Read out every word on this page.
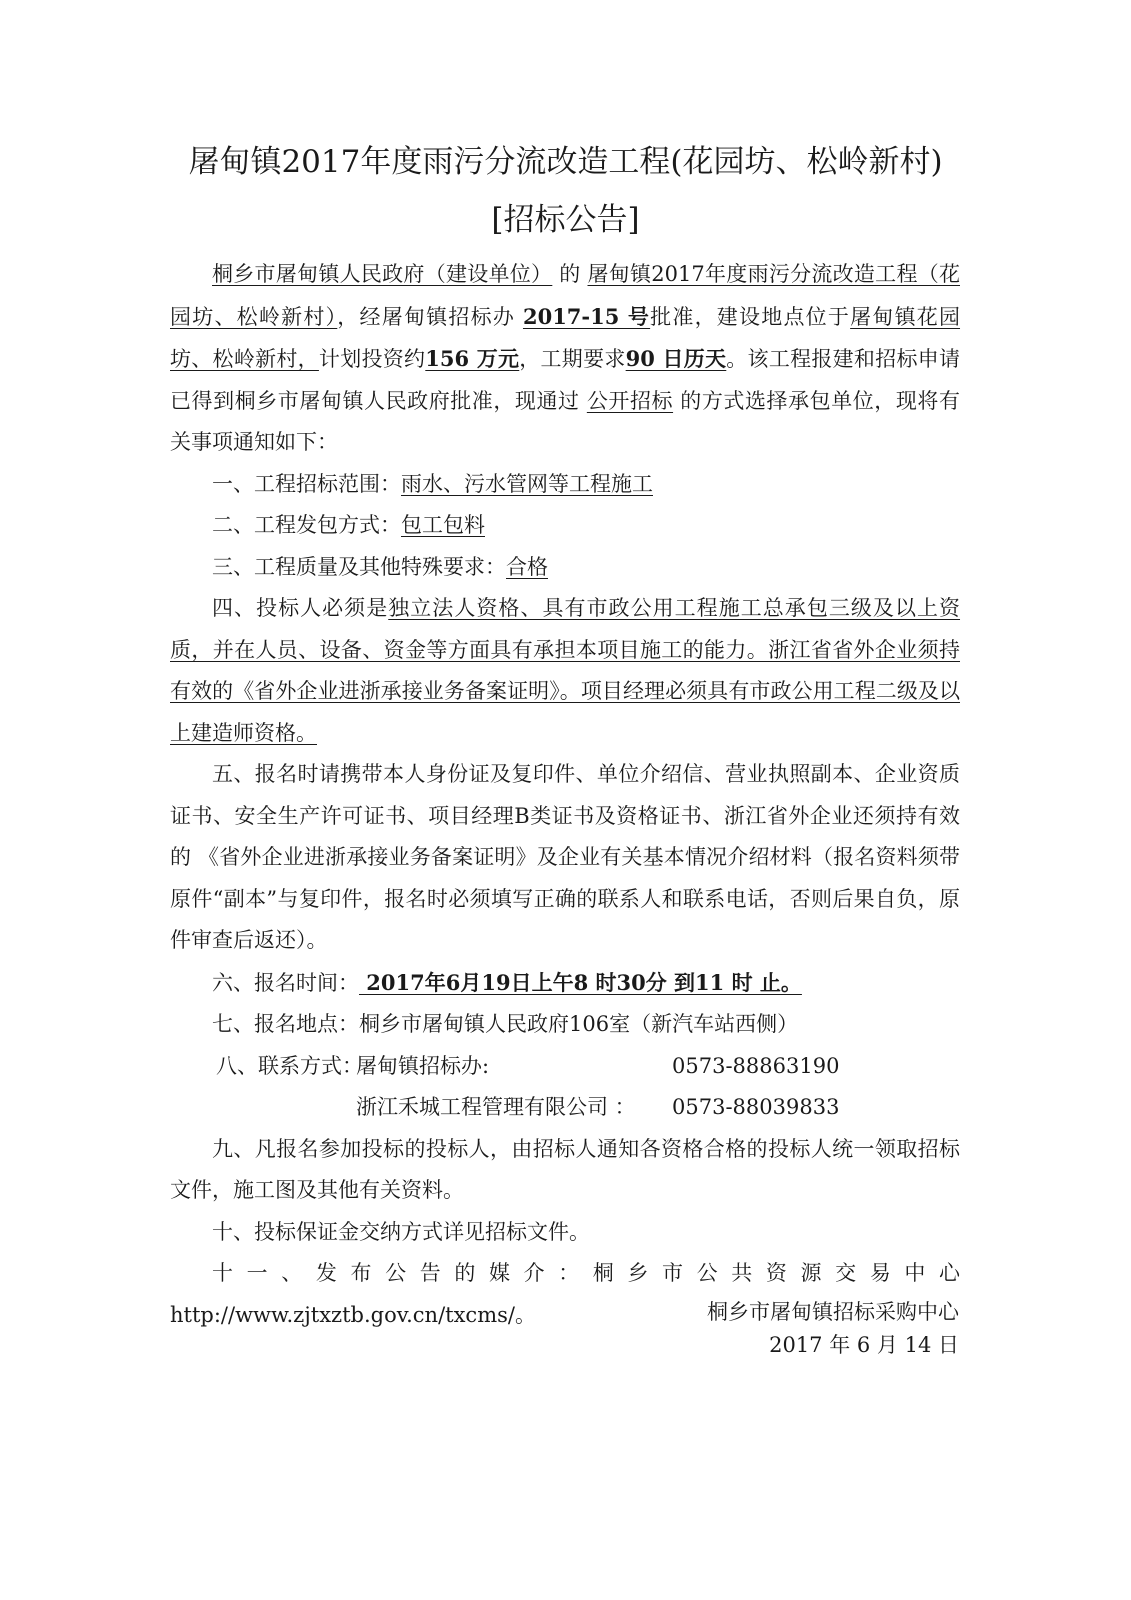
屠甸镇2017年度雨污分流改造工程(花园坊、松岭新村)
[招标公告]

桐乡市屠甸镇人民政府（建设单位） 的 屠甸镇2017年度雨污分流改造工程（花园坊、松岭新村），经屠甸镇招标办 2017-15 号批准，建设地点位于屠甸镇花园坊、松岭新村，计划投资约156 万元，工期要求90 日历天。该工程报建和招标申请已得到桐乡市屠甸镇人民政府批准，现通过 公开招标 的方式选择承包单位，现将有关事项通知如下：

一、工程招标范围：雨水、污水管网等工程施工

二、工程发包方式：包工包料

三、工程质量及其他特殊要求：合格

四、投标人必须是独立法人资格、具有市政公用工程施工总承包三级及以上资质，并在人员、设备、资金等方面具有承担本项目施工的能力。浙江省省外企业须持有效的《省外企业进浙承接业务备案证明》。项目经理必须具有市政公用工程二级及以上建造师资格。

五、报名时请携带本人身份证及复印件、单位介绍信、营业执照副本、企业资质证书、安全生产许可证书、项目经理B类证书及资格证书、浙江省外企业还须持有效的 《省外企业进浙承接业务备案证明》及企业有关基本情况介绍材料（报名资料须带原件“副本”与复印件，报名时必须填写正确的联系人和联系电话，否则后果自负，原件审查后返还）。

六、报名时间： 2017年6月19日上午8 时30分 到11 时 止。

七、报名地点：桐乡市屠甸镇人民政府106室（新汽车站西侧）

八、联系方式：
屠甸镇招标办:	0573-88863190
浙江禾城工程管理有限公司 ：	0573-88039833

九、凡报名参加投标的投标人，由招标人通知各资格合格的投标人统一领取招标文件，施工图及其他有关资料。

十、投标保证金交纳方式详见招标文件。

十一、发布公告的媒介：桐乡市公共资源交易中心

http://www.zjtxztb.gov.cn/txcms/。	桐乡市屠甸镇招标采购中心
2017 年 6 月 14 日
